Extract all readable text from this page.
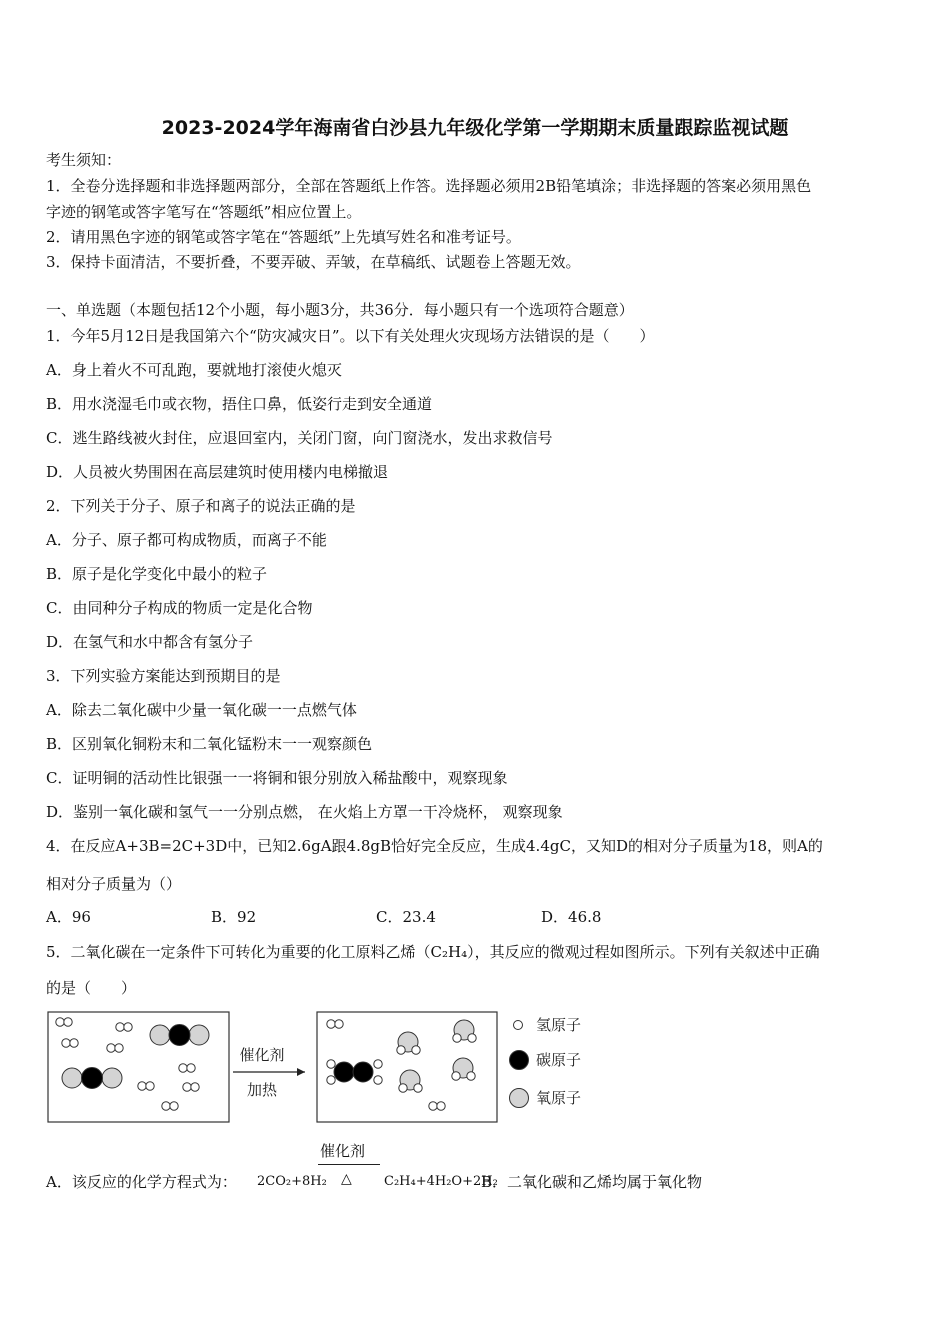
2023-2024学年海南省白沙县九年级化学第一学期期末质量跟踪监视试题
考生须知：
1．全卷分选择题和非选择题两部分，全部在答题纸上作答。选择题必须用2B铅笔填涂；非选择题的答案必须用黑色
字迹的钢笔或答字笔写在“答题纸”相应位置上。
2．请用黑色字迹的钢笔或答字笔在“答题纸”上先填写姓名和准考证号。
3．保持卡面清洁，不要折叠，不要弄破、弄皱，在草稿纸、试题卷上答题无效。
一、单选题（本题包括12个小题，每小题3分，共36分．每小题只有一个选项符合题意）
1．今年5月12日是我国第六个“防灾减灾日”。以下有关处理火灾现场方法错误的是（　　）
A．身上着火不可乱跑，要就地打滚使火熄灭
B．用水浇湿毛巾或衣物，捂住口鼻，低姿行走到安全通道
C．逃生路线被火封住，应退回室内，关闭门窗，向门窗浇水，发出求救信号
D．人员被火势围困在高层建筑时使用楼内电梯撤退
2．下列关于分子、原子和离子的说法正确的是
A．分子、原子都可构成物质，而离子不能
B．原子是化学变化中最小的粒子
C．由同种分子构成的物质一定是化合物
D．在氢气和水中都含有氢分子
3．下列实验方案能达到预期目的是
A．除去二氧化碳中少量一氧化碳一一点燃气体
B．区别氧化铜粉末和二氧化锰粉末一一观察颜色
C．证明铜的活动性比银强一一将铜和银分别放入稀盐酸中，观察现象
D．鉴别一氧化碳和氢气一一分别点燃， 在火焰上方罩一干冷烧杯， 观察现象
4．在反应A+3B=2C+3D中，已知2.6gA跟4.8gB恰好完全反应，生成4.4gC，又知D的相对分子质量为18，则A的
相对分子质量为（）
A．96	B．92	C．23.4	D．46.8
5．二氧化碳在一定条件下可转化为重要的化工原料乙烯（C₂H₄），其反应的微观过程如图所示。下列有关叙述中正确
的是（　　）
催化剂
加热
氢原子
碳原子
氧原子
催化剂
△
A．该反应的化学方程式为： 2CO₂+8H₂	C₂H₄+4H₂O+2H₂
B．二氧化碳和乙烯均属于氧化物
